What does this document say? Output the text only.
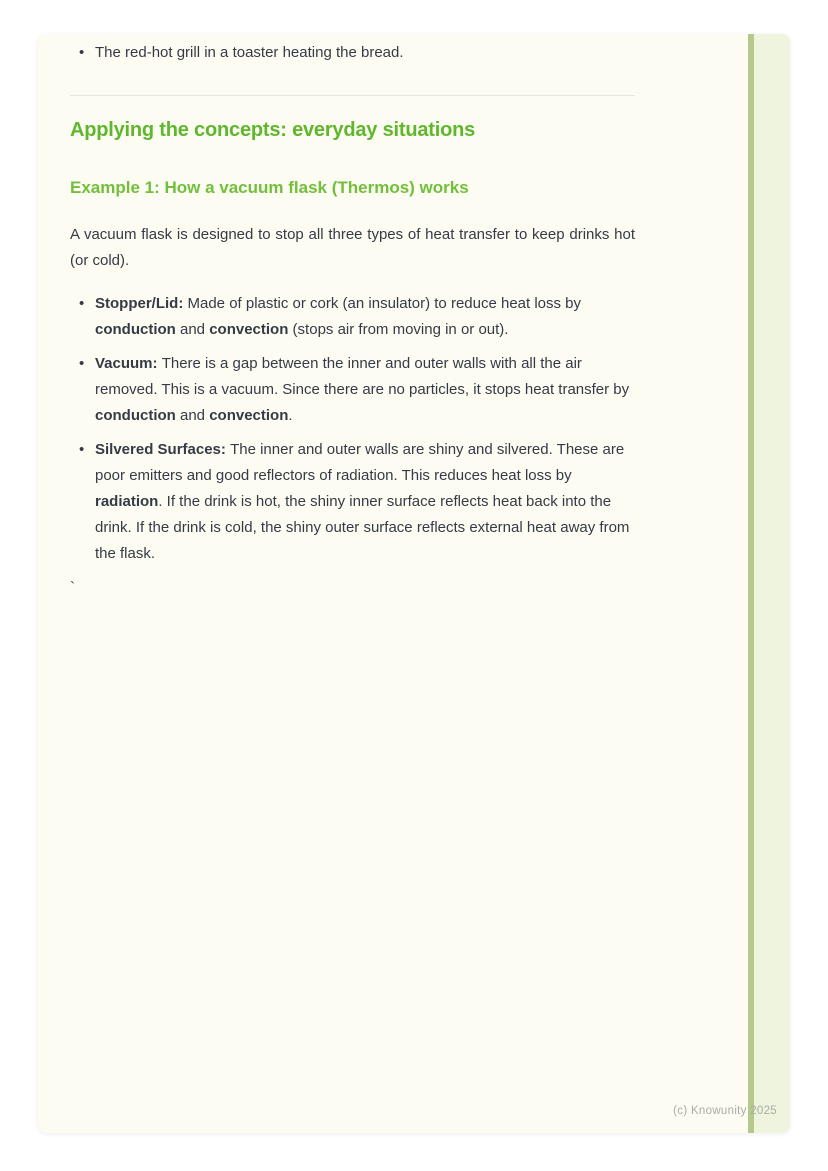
• The red-hot grill in a toaster heating the bread.
Applying the concepts: everyday situations
Example 1: How a vacuum flask (Thermos) works

A vacuum flask is designed to stop all three types of heat transfer to keep drinks hot (or cold).

• Stopper/Lid: Made of plastic or cork (an insulator) to reduce heat loss by conduction and convection (stops air from moving in or out).
• Vacuum: There is a gap between the inner and outer walls with all the air removed. This is a vacuum. Since there are no particles, it stops heat transfer by conduction and convection.
• Silvered Surfaces: The inner and outer walls are shiny and silvered. These are poor emitters and good reflectors of radiation. This reduces heat loss by radiation. If the drink is hot, the shiny inner surface reflects heat back into the drink. If the drink is cold, the shiny outer surface reflects external heat away from the flask.
`
(c) Knowunity 2025
